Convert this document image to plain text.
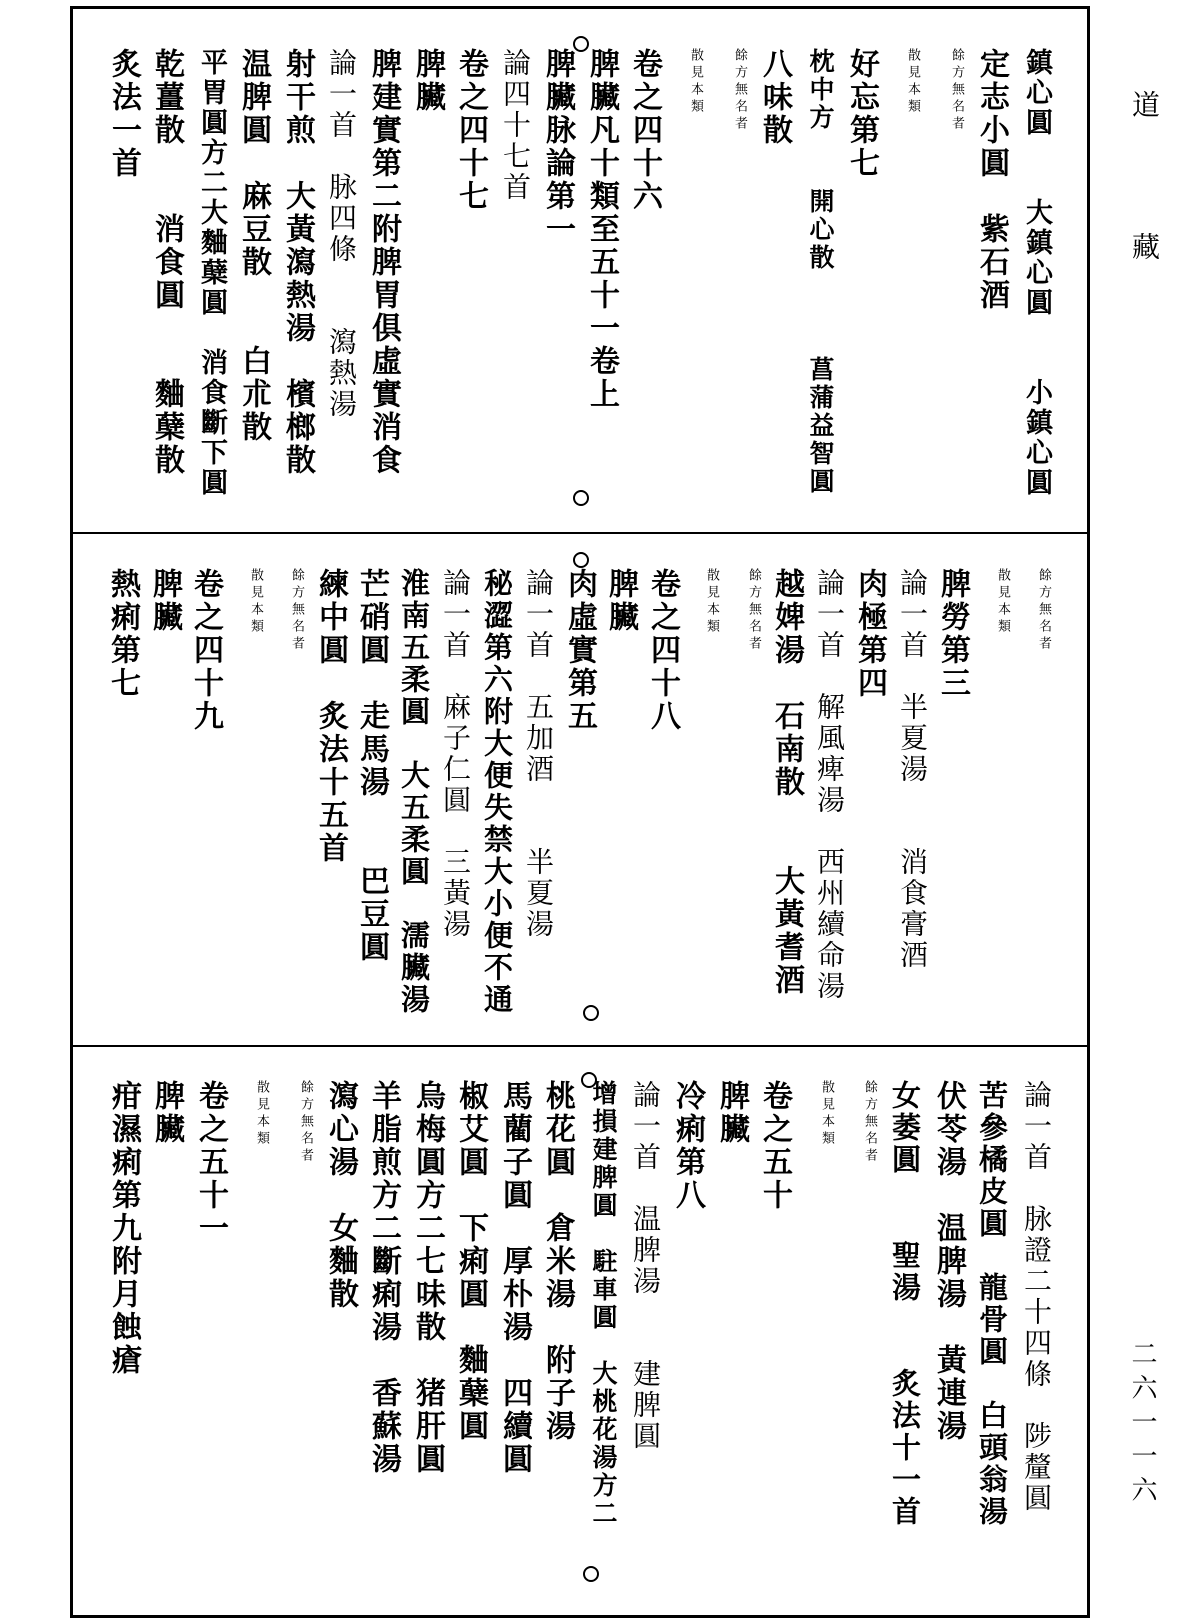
道
藏
二六一一六
鎮心圓　　大鎮心圓　　小鎮心圓
定志小圓　紫石酒
餘方無名者
散見本類
好忘第七
枕中方　　開心散　　　菖蒲益智圓
八味散
餘方無名者
散見本類
卷之四十六
脾臟凡十類至五十一卷上
脾臟脉論第一
論四十七首
卷之四十七
脾臟
脾建實第二附脾胃俱虛實消食
論一首　脉四條　　瀉熱湯
射干煎　大黃瀉熱湯　檳榔散
温脾圓　麻豆散　　白朮散
平胃圓方二大麯蘖圓　消食斷下圓
乾薑散　　消食圓　　麯蘖散
炙法一首
餘方無名者
散見本類
脾勞第三
論一首　半夏湯　　消食膏酒
肉極第四
論一首　解風痺湯　西州續命湯
越婢湯　石南散　　大黃耆酒
餘方無名者
散見本類
卷之四十八
脾臟
肉虛實第五
論一首　五加酒　　半夏湯
秘澀第六附大便失禁大小便不通
論一首　麻子仁圓　三黃湯
淮南五柔圓　大五柔圓　濡臟湯
芒硝圓　走馬湯　　巴豆圓
練中圓　炙法十五首
餘方無名者
散見本類
卷之四十九
脾臟
熱痢第七
論一首　脉證二十四條　陟釐圓
苦參橘皮圓　龍骨圓　白頭翁湯
伏苓湯　温脾湯　黃連湯
女萎圓　　聖湯　　炙法十一首
餘方無名者
散見本類
卷之五十
脾臟
冷痢第八
論一首　温脾湯　　建脾圓
增損建脾圓　駐車圓　大桃花湯方二
桃花圓　倉米湯　附子湯
馬藺子圓　厚朴湯　四續圓
椒艾圓　下痢圓　麯蘖圓
烏梅圓方二七味散　猪肝圓
羊脂煎方二斷痢湯　香蘇湯
瀉心湯　女麯散
餘方無名者
散見本類
卷之五十一
脾臟
疳濕痢第九附月蝕瘡
